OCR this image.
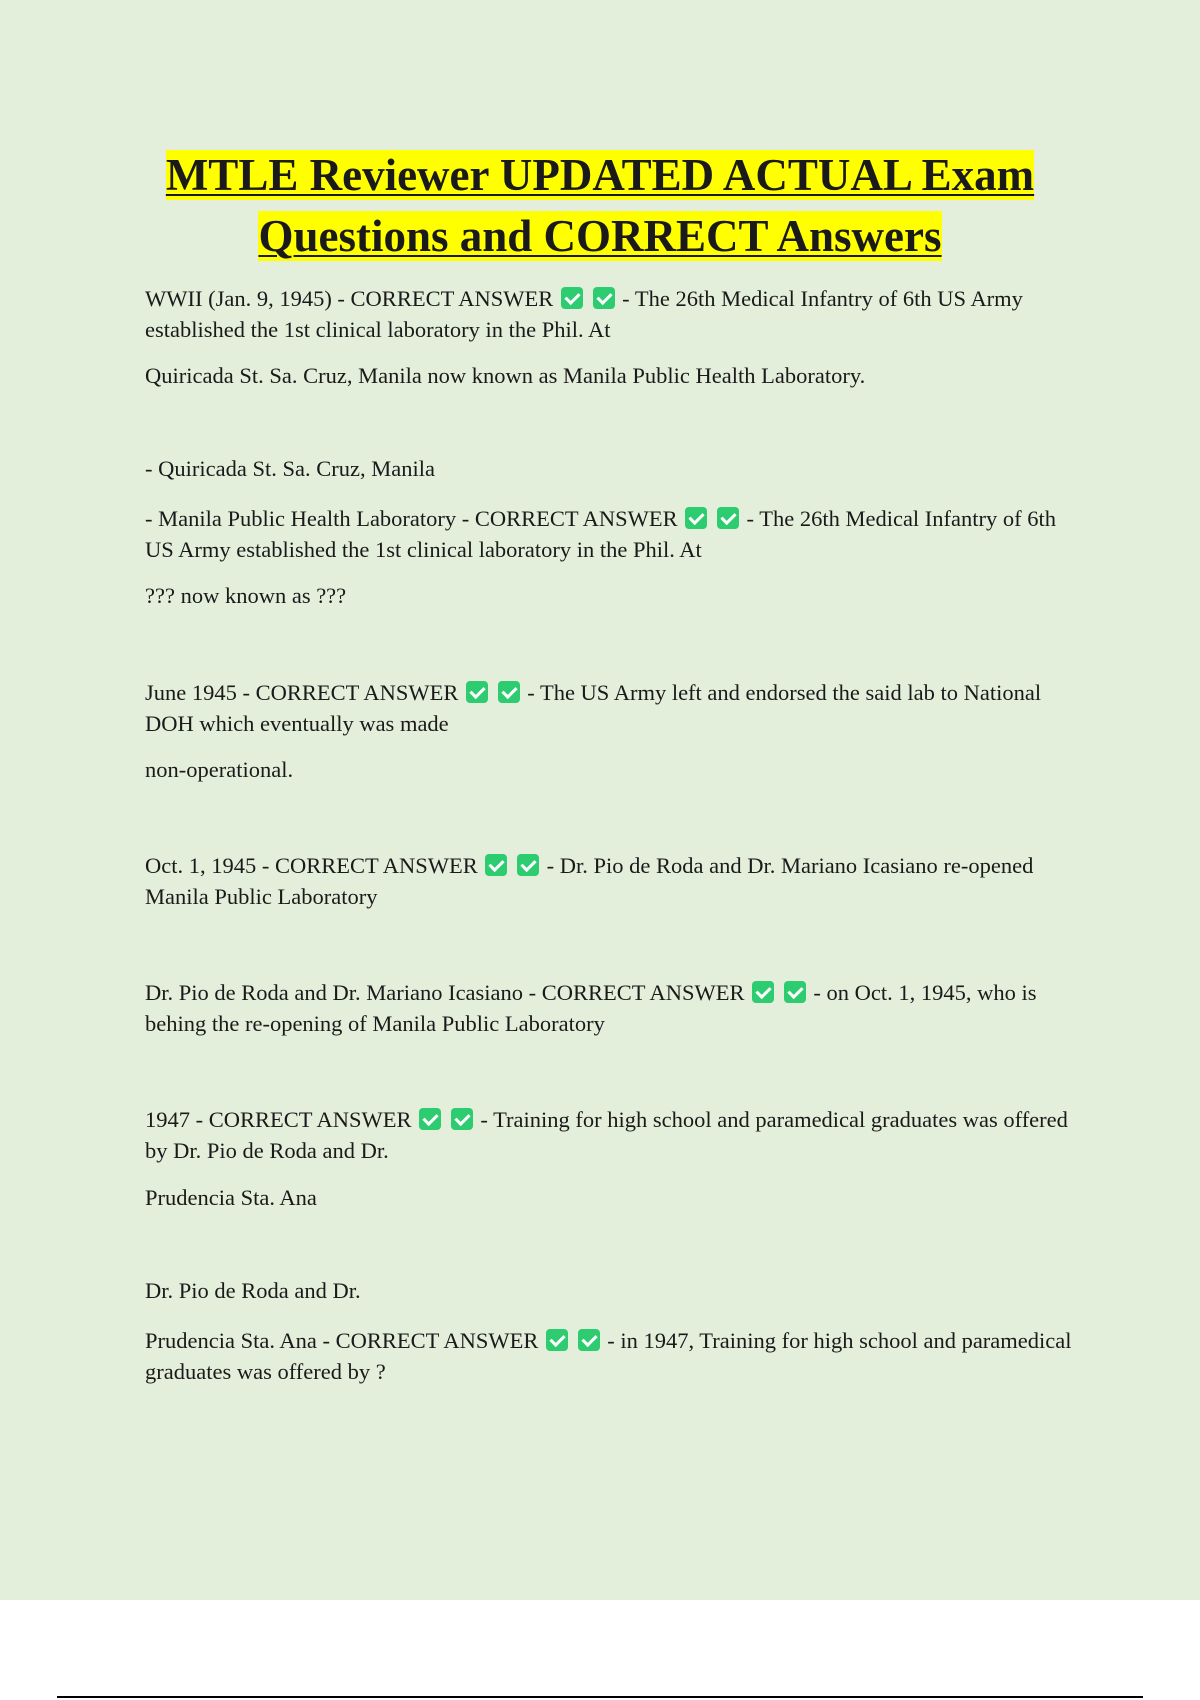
MTLE Reviewer UPDATED ACTUAL Exam
Questions and CORRECT Answers

WWII (Jan. 9, 1945) - CORRECT ANSWER	- The 26th Medical Infantry of 6th US Army established the 1st clinical laboratory in the Phil. At

Quiricada St. Sa. Cruz, Manila now known as Manila Public Health Laboratory.

- Quiricada St. Sa. Cruz, Manila

- Manila Public Health Laboratory - CORRECT ANSWER	- The 26th Medical Infantry of 6th US Army established the 1st clinical laboratory in the Phil. At

??? now known as ???

June 1945 - CORRECT ANSWER	- The US Army left and endorsed the said lab to National DOH which eventually was made

non-operational.

Oct. 1, 1945 - CORRECT ANSWER	- Dr. Pio de Roda and Dr. Mariano Icasiano re-opened Manila Public Laboratory

Dr. Pio de Roda and Dr. Mariano Icasiano - CORRECT ANSWER	- on Oct. 1, 1945, who is behing the re-opening of Manila Public Laboratory

1947 - CORRECT ANSWER	- Training for high school and paramedical graduates was offered by Dr. Pio de Roda and Dr.

Prudencia Sta. Ana

Dr. Pio de Roda and Dr.

Prudencia Sta. Ana - CORRECT ANSWER	- in 1947, Training for high school and paramedical graduates was offered by ?
